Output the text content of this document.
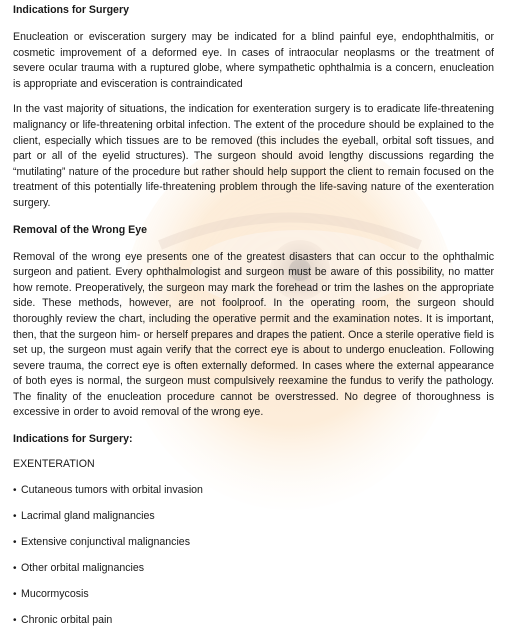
Indications for Surgery

Enucleation or evisceration surgery may be indicated for a blind painful eye, endophthalmitis, or cosmetic improvement of a deformed eye. In cases of intraocular neoplasms or the treatment of severe ocular trauma with a ruptured globe, where sympathetic ophthalmia is a concern, enucleation is appropriate and evisceration is contraindicated

In the vast majority of situations, the indication for exenteration surgery is to eradicate life-threatening malignancy or life-threatening orbital infection. The extent of the procedure should be explained to the client, especially which tissues are to be removed (this includes the eyeball, orbital soft tissues, and part or all of the eyelid structures). The surgeon should avoid lengthy discussions regarding the “mutilating” nature of the procedure but rather should help support the client to remain focused on the treatment of this potentially life-threatening problem through the life-saving nature of the exenteration surgery.

Removal of the Wrong Eye

Removal of the wrong eye presents one of the greatest disasters that can occur to the ophthalmic surgeon and patient. Every ophthalmologist and surgeon must be aware of this possibility, no matter how remote. Preoperatively, the surgeon may mark the forehead or trim the lashes on the appropriate side. These methods, however, are not foolproof. In the operating room, the surgeon should thoroughly review the chart, including the operative permit and the examination notes. It is important, then, that the surgeon him- or herself prepares and drapes the patient. Once a sterile operative field is set up, the surgeon must again verify that the correct eye is about to undergo enucleation. Following severe trauma, the correct eye is often externally deformed. In cases where the external appearance of both eyes is normal, the surgeon must compulsively reexamine the fundus to verify the pathology. The finality of the enucleation procedure cannot be overstressed. No degree of thoroughness is excessive in order to avoid removal of the wrong eye.

Indications for Surgery:

EXENTERATION

• Cutaneous tumors with orbital invasion
• Lacrimal gland malignancies
• Extensive conjunctival malignancies
• Other orbital malignancies
• Mucormycosis
• Chronic orbital pain
